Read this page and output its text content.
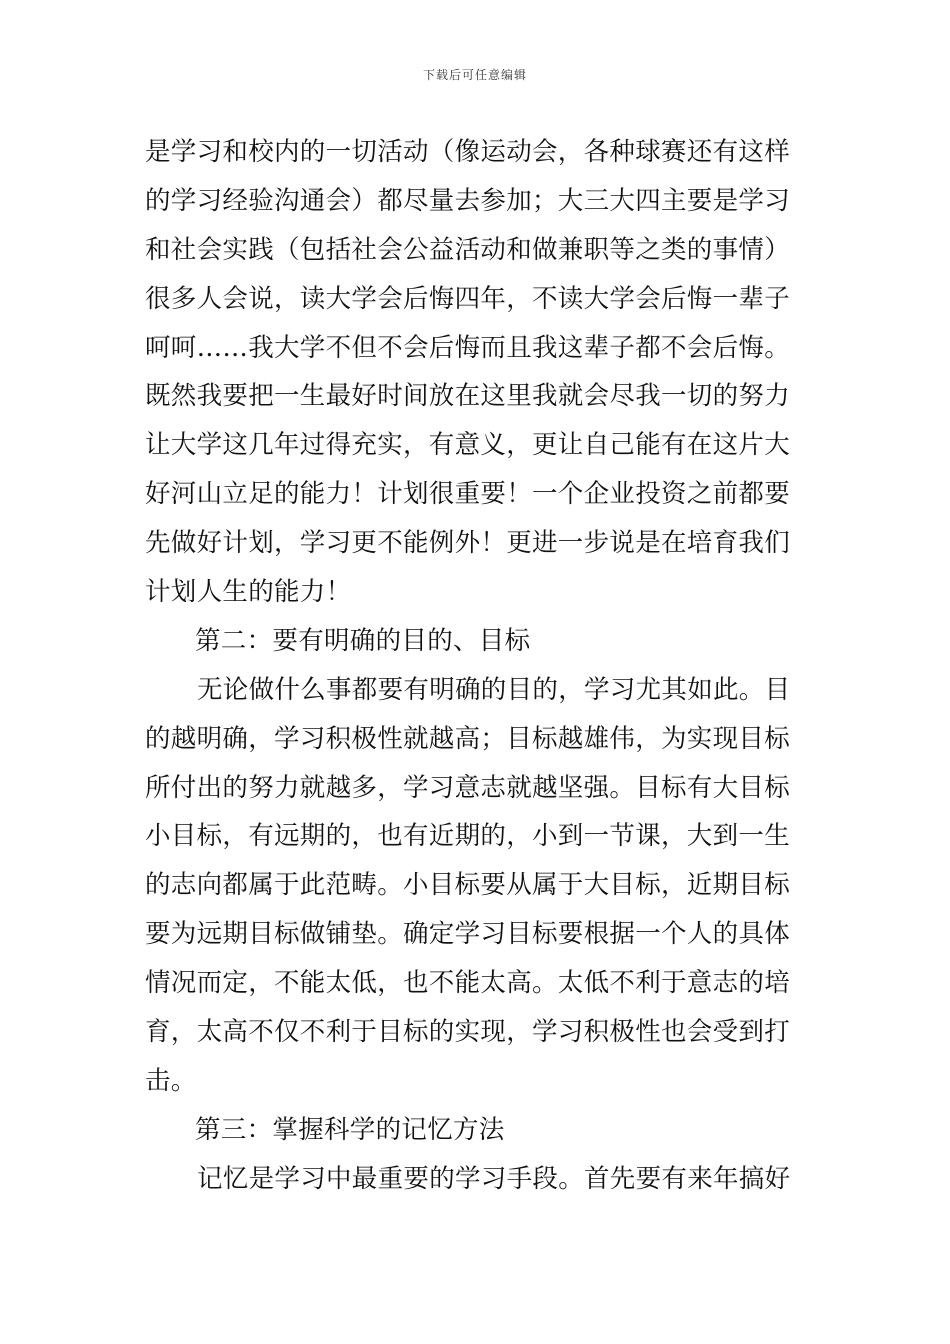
下载后可任意编辑
是学习和校内的一切活动（像运动会，各种球赛还有这样
的学习经验沟通会）都尽量去参加；大三大四主要是学习
和社会实践（包括社会公益活动和做兼职等之类的事情）
很多人会说，读大学会后悔四年，不读大学会后悔一辈子
呵呵……我大学不但不会后悔而且我这辈子都不会后悔。
既然我要把一生最好时间放在这里我就会尽我一切的努力
让大学这几年过得充实，有意义，更让自己能有在这片大
好河山立足的能力！计划很重要！一个企业投资之前都要
先做好计划，学习更不能例外！更进一步说是在培育我们
计划人生的能力！
第二：要有明确的目的、目标
无论做什么事都要有明确的目的，学习尤其如此。目
的越明确，学习积极性就越高；目标越雄伟，为实现目标
所付出的努力就越多，学习意志就越坚强。目标有大目标
小目标，有远期的，也有近期的，小到一节课，大到一生
的志向都属于此范畴。小目标要从属于大目标，近期目标
要为远期目标做铺垫。确定学习目标要根据一个人的具体
情况而定，不能太低，也不能太高。太低不利于意志的培
育，太高不仅不利于目标的实现，学习积极性也会受到打
击。
第三：掌握科学的记忆方法
记忆是学习中最重要的学习手段。首先要有来年搞好
